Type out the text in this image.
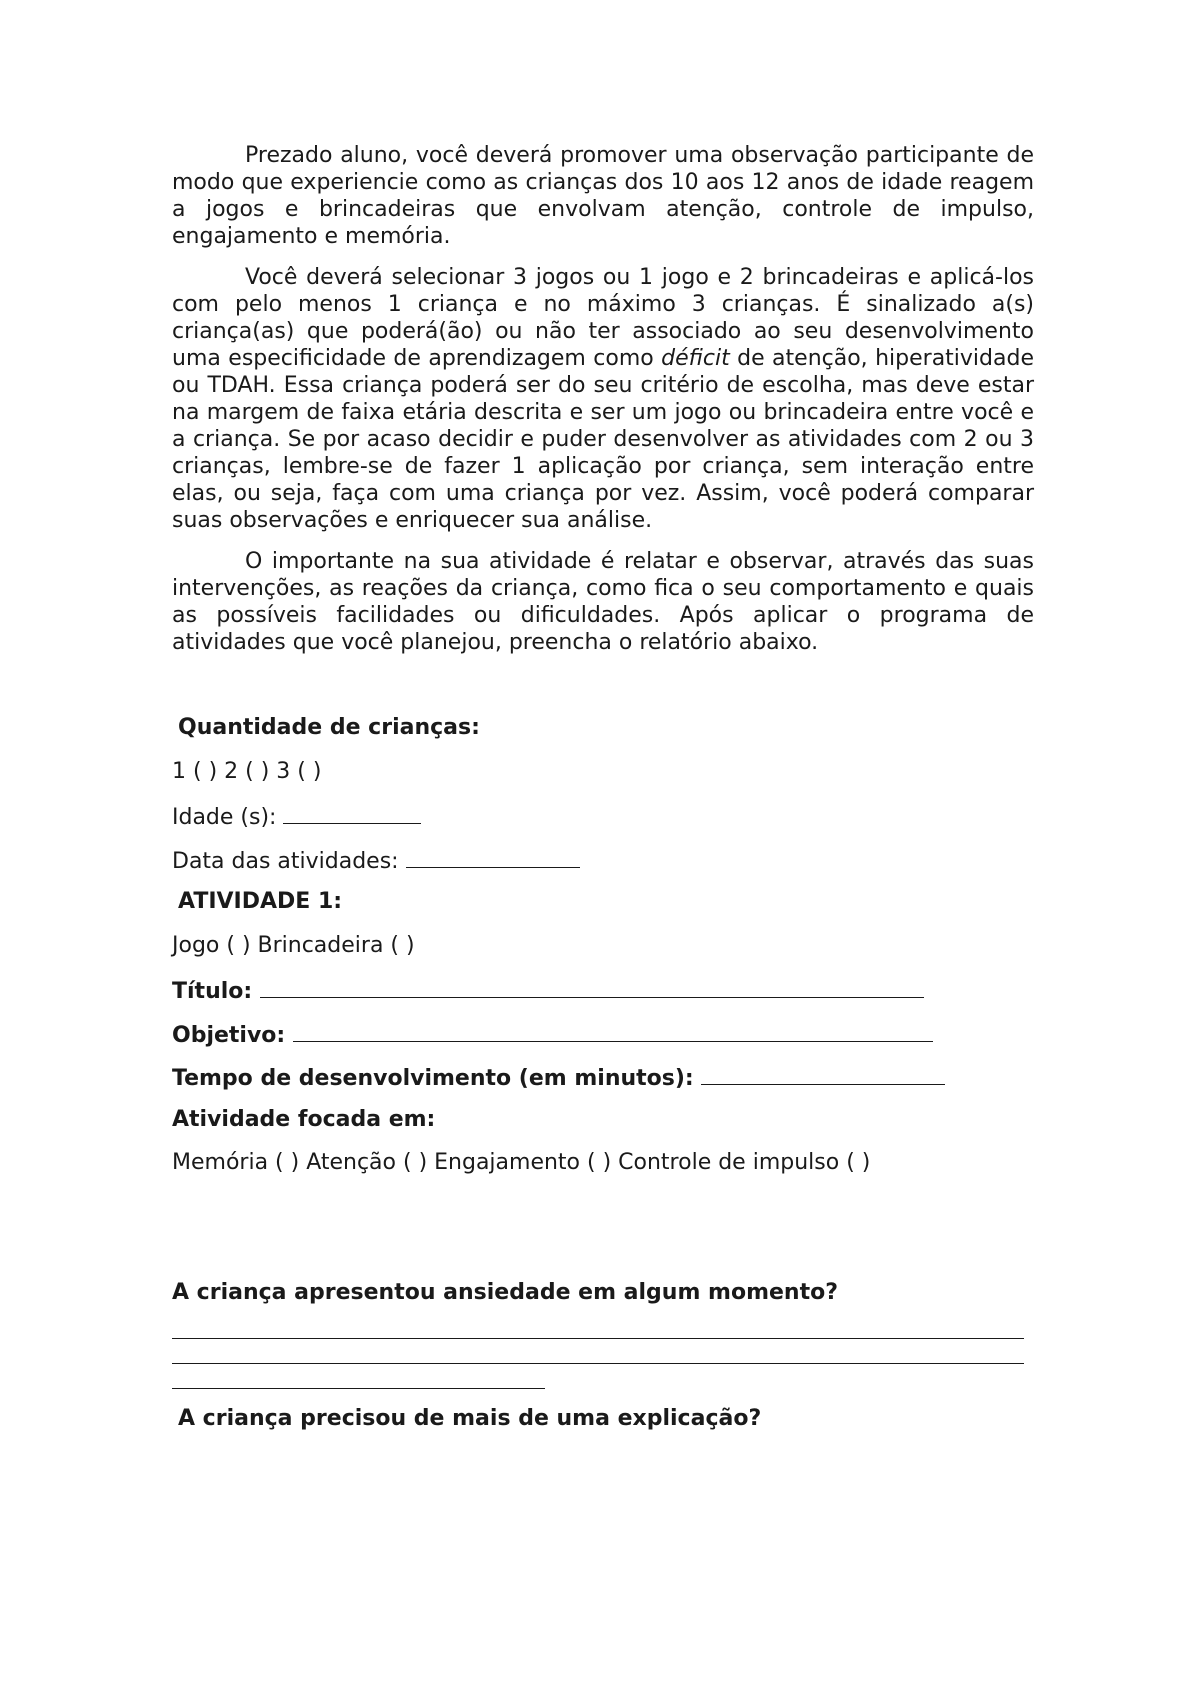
Prezado aluno, você deverá promover uma observação participante de modo que experiencie como as crianças dos 10 aos 12 anos de idade reagem a jogos e brincadeiras que envolvam atenção, controle de impulso, engajamento e memória.

Você deverá selecionar 3 jogos ou 1 jogo e 2 brincadeiras e aplicá-los com pelo menos 1 criança e no máximo 3 crianças. É sinalizado a(s) criança(as) que poderá(ão) ou não ter associado ao seu desenvolvimento uma especificidade de aprendizagem como déficit de atenção, hiperatividade ou TDAH. Essa criança poderá ser do seu critério de escolha, mas deve estar na margem de faixa etária descrita e ser um jogo ou brincadeira entre você e a criança. Se por acaso decidir e puder desenvolver as atividades com 2 ou 3 crianças, lembre-se de fazer 1 aplicação por criança, sem interação entre elas, ou seja, faça com uma criança por vez. Assim, você poderá comparar suas observações e enriquecer sua análise.

O importante na sua atividade é relatar e observar, através das suas intervenções, as reações da criança, como fica o seu comportamento e quais as possíveis facilidades ou dificuldades. Após aplicar o programa de atividades que você planejou, preencha o relatório abaixo.

Quantidade de crianças:
1 ( ) 2 ( ) 3 ( )
Idade (s):
Data das atividades:
ATIVIDADE 1:
Jogo ( ) Brincadeira ( )
Título:
Objetivo:
Tempo de desenvolvimento (em minutos):
Atividade focada em:
Memória ( ) Atenção ( ) Engajamento ( ) Controle de impulso ( )
A criança apresentou ansiedade em algum momento?
A criança precisou de mais de uma explicação?
